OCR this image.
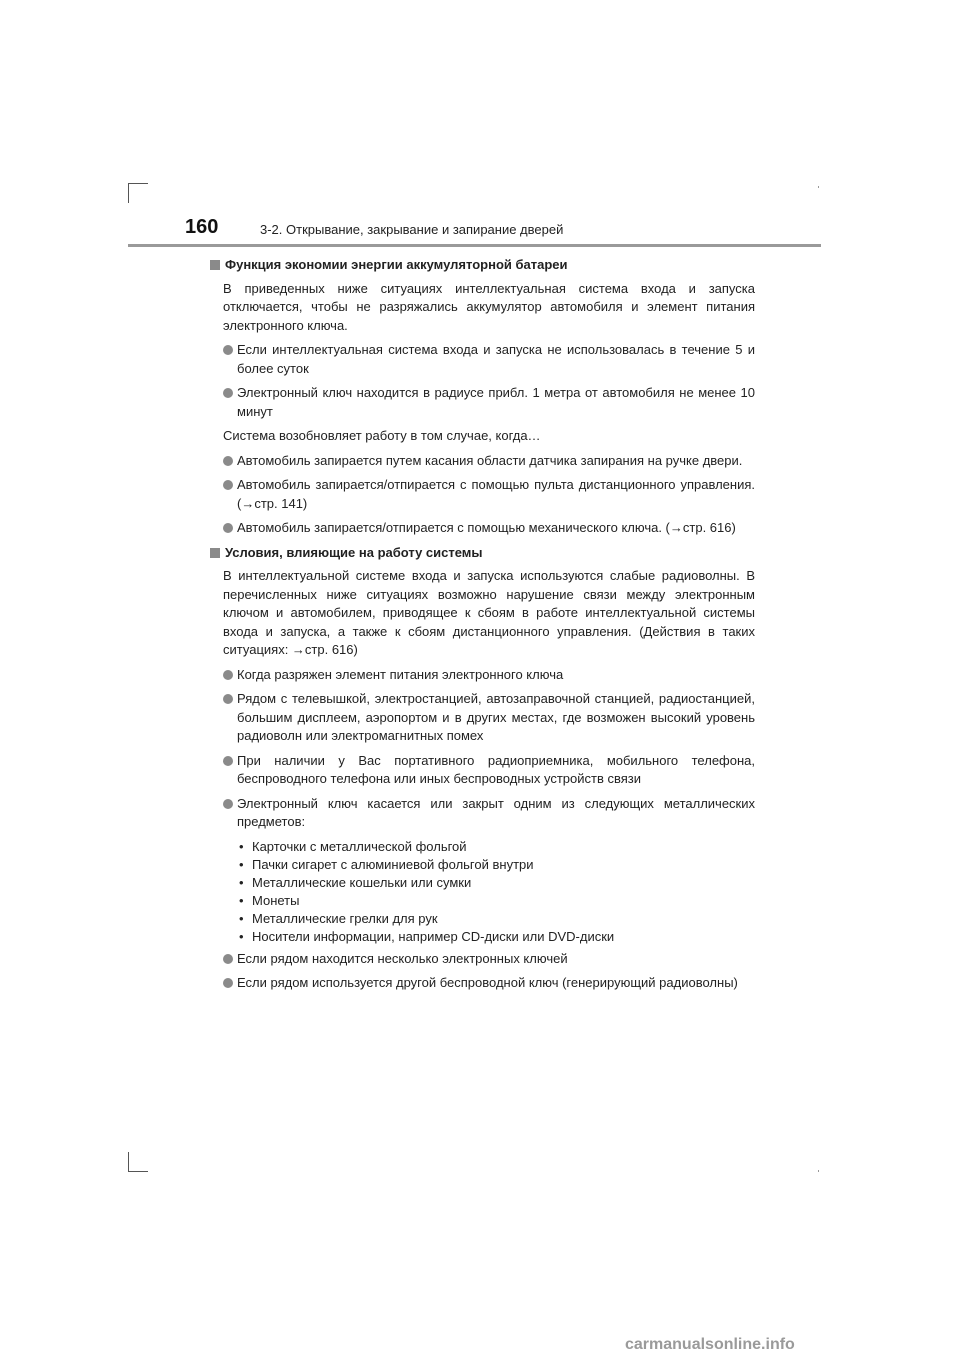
160	3-2. Открывание, закрывание и запирание дверей
Функция экономии энергии аккумуляторной батареи
В приведенных ниже ситуациях интеллектуальная система входа и запуска отключается, чтобы не разряжались аккумулятор автомобиля и элемент питания электронного ключа.
Если интеллектуальная система входа и запуска не использовалась в течение 5 и более суток
Электронный ключ находится в радиусе прибл. 1 метра от автомобиля не менее 10 минут
Система возобновляет работу в том случае, когда…
Автомобиль запирается путем касания области датчика запирания на ручке двери.
Автомобиль запирается/отпирается с помощью пульта дистанционного управления. (→стр. 141)
Автомобиль запирается/отпирается с помощью механического ключа. (→стр. 616)
Условия, влияющие на работу системы
В интеллектуальной системе входа и запуска используются слабые радиоволны. В перечисленных ниже ситуациях возможно нарушение связи между электронным ключом и автомобилем, приводящее к сбоям в работе интеллектуальной системы входа и запуска, а также к сбоям дистанционного управления. (Действия в таких ситуациях: →стр. 616)
Когда разряжен элемент питания электронного ключа
Рядом с телевышкой, электростанцией, автозаправочной станцией, радиостанцией, большим дисплеем, аэропортом и в других местах, где возможен высокий уровень радиоволн или электромагнитных помех
При наличии у Вас портативного радиоприемника, мобильного телефона, беспроводного телефона или иных беспроводных устройств связи
Электронный ключ касается или закрыт одним из следующих металлических предметов:
• Карточки с металлической фольгой
• Пачки сигарет с алюминиевой фольгой внутри
• Металлические кошельки или сумки
• Монеты
• Металлические грелки для рук
• Носители информации, например CD-диски или DVD-диски
Если рядом находится несколько электронных ключей
Если рядом используется другой беспроводной ключ (генерирующий радиоволны)
carmanualsonline.info
